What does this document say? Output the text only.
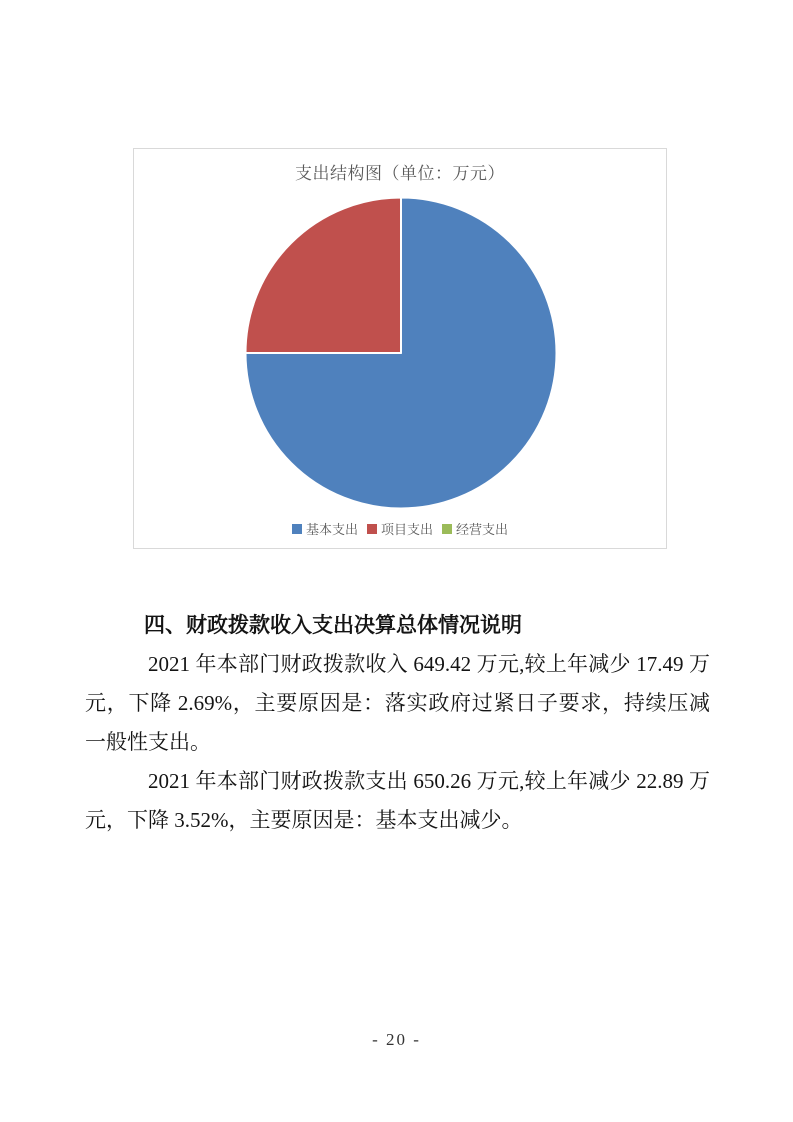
支出结构图（单位：万元）
基本支出 项目支出 经营支出
四、财政拨款收入支出决算总体情况说明

2021 年本部门财政拨款收入 649.42 万元,较上年减少 17.49 万元，下降 2.69%，主要原因是：落实政府过紧日子要求，持续压减一般性支出。

2021 年本部门财政拨款支出 650.26 万元,较上年减少 22.89 万元，下降 3.52%，主要原因是：基本支出减少。

- 20 -
